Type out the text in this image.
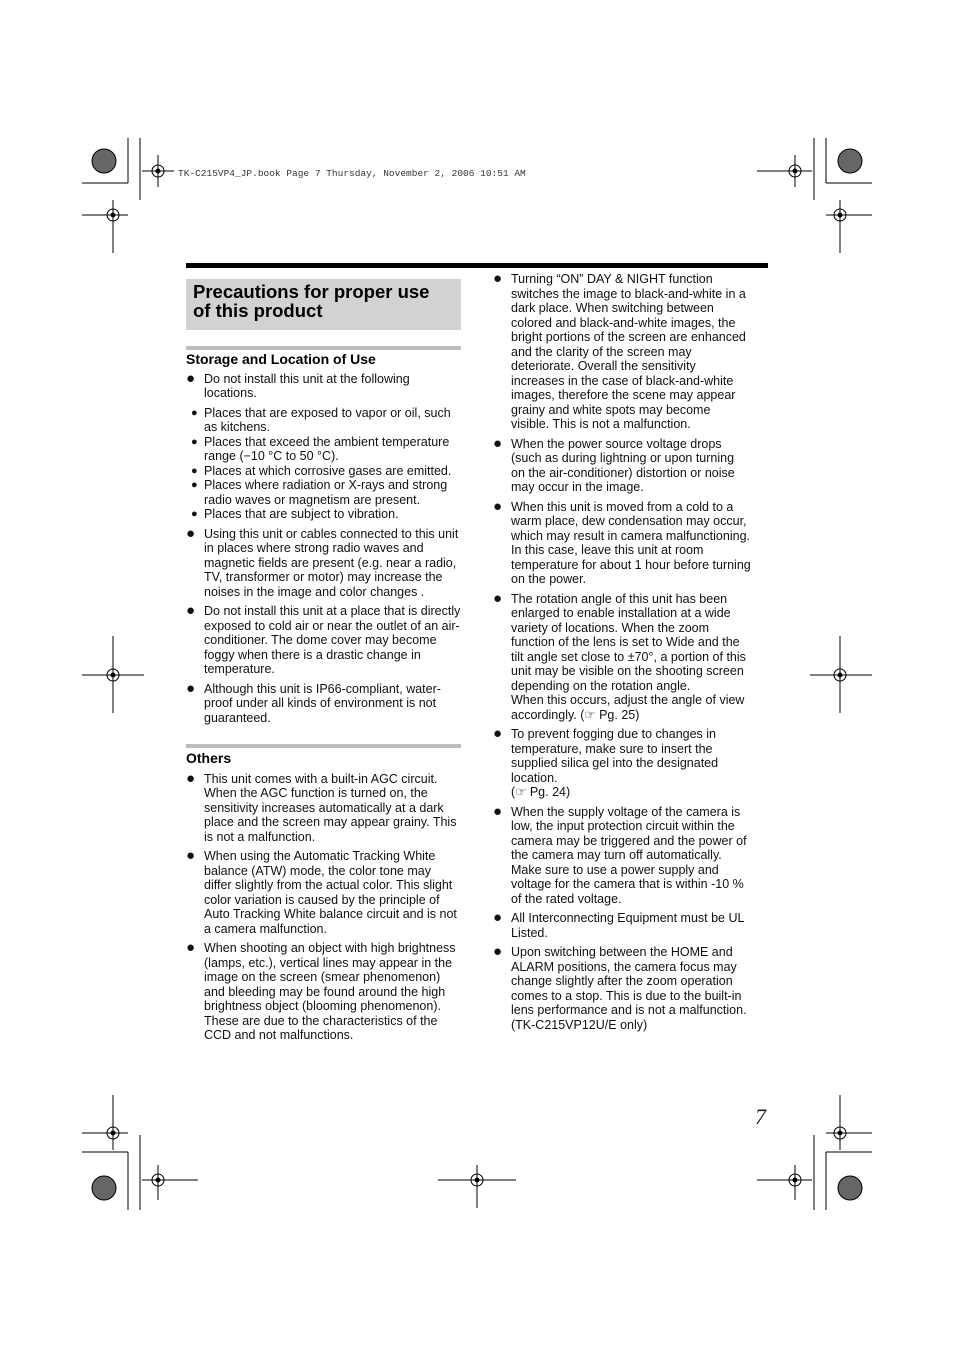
TK-C215VP4_JP.book Page 7 Thursday, November 2, 2006 10:51 AM
Precautions for proper use
of this product
Storage and Location of Use
● Do not install this unit at the following locations.

● Places that are exposed to vapor or oil, such as kitchens.

● Places that exceed the ambient temperature range (−10 °C to 50 °C).

● Places at which corrosive gases are emitted.

● Places where radiation or X-rays and strong radio waves or magnetism are present.

● Places that are subject to vibration.

● Using this unit or cables connected to this unit in places where strong radio waves and magnetic fields are present (e.g. near a radio, TV, transformer or motor) may increase the noises in the image and color changes .

● Do not install this unit at a place that is directly exposed to cold air or near the outlet of an air-conditioner. The dome cover may become foggy when there is a drastic change in temperature.

● Although this unit is IP66-compliant, water-proof under all kinds of environment is not guaranteed.

Others
● This unit comes with a built-in AGC circuit. When the AGC function is turned on, the sensitivity increases automatically at a dark place and the screen may appear grainy. This is not a malfunction.

● When using the Automatic Tracking White balance (ATW) mode, the color tone may differ slightly from the actual color. This slight color variation is caused by the principle of Auto Tracking White balance circuit and is not a camera malfunction.

● When shooting an object with high brightness (lamps, etc.), vertical lines may appear in the image on the screen (smear phenomenon) and bleeding may be found around the high brightness object (blooming phenomenon). These are due to the characteristics of the CCD and not malfunctions.

● Turning “ON” DAY & NIGHT function switches the image to black-and-white in a dark place. When switching between colored and black-and-white images, the bright portions of the screen are enhanced and the clarity of the screen may deteriorate. Overall the sensitivity increases in the case of black-and-white images, therefore the scene may appear grainy and white spots may become visible. This is not a malfunction.

● When the power source voltage drops (such as during lightning or upon turning on the air-conditioner) distortion or noise may occur in the image.

● When this unit is moved from a cold to a warm place, dew condensation may occur, which may result in camera malfunctioning. In this case, leave this unit at room temperature for about 1 hour before turning on the power.

● The rotation angle of this unit has been enlarged to enable installation at a wide variety of locations. When the zoom function of the lens is set to Wide and the tilt angle set close to ±70°, a portion of this unit may be visible on the shooting screen depending on the rotation angle.

When this occurs, adjust the angle of view accordingly. (☞ Pg. 25)

● To prevent fogging due to changes in temperature, make sure to insert the supplied silica gel into the designated location.

(☞ Pg. 24)

● When the supply voltage of the camera is low, the input protection circuit within the camera may be triggered and the power of the camera may turn off automatically. Make sure to use a power supply and voltage for the camera that is within -10 % of the rated voltage.

● All Interconnecting Equipment must be UL Listed.

● Upon switching between the HOME and ALARM positions, the camera focus may change slightly after the zoom operation comes to a stop. This is due to the built-in lens performance and is not a malfunction. (TK-C215VP12U/E only)

7
